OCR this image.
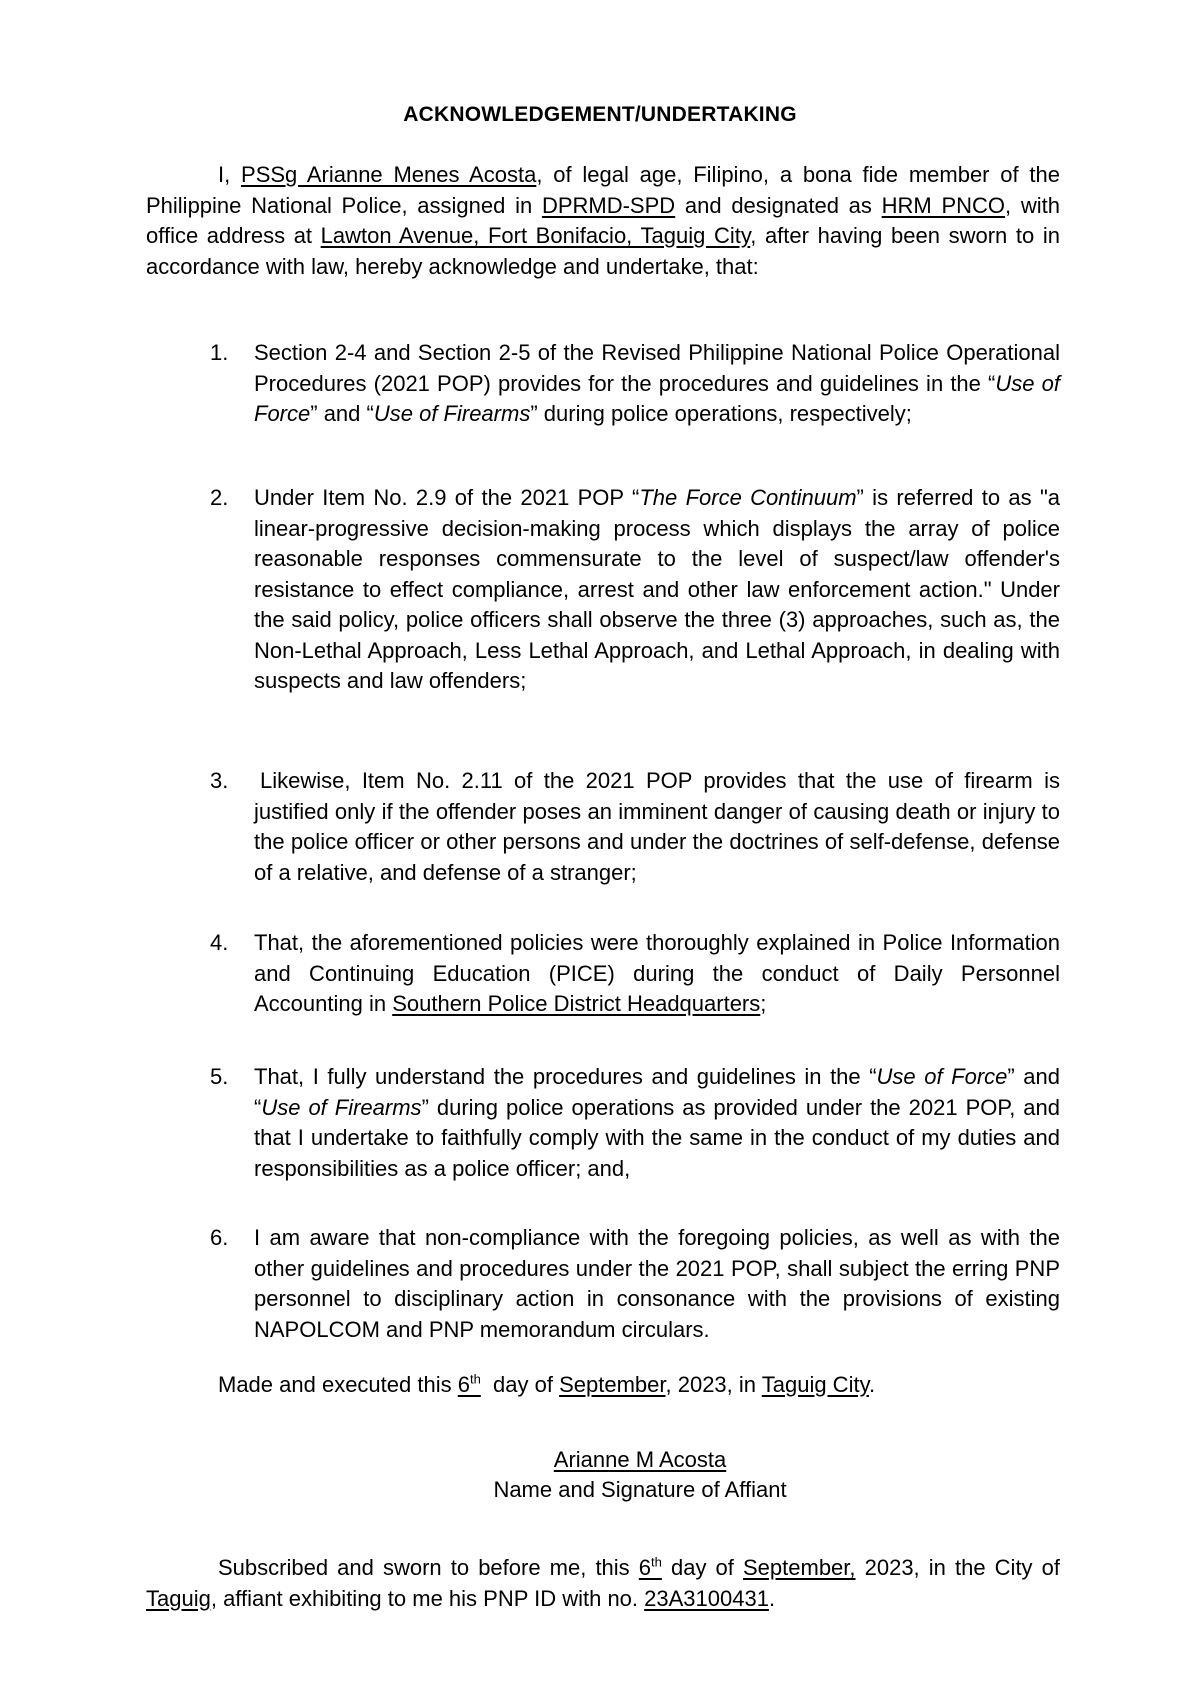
ACKNOWLEDGEMENT/UNDERTAKING
I, PSSg Arianne Menes Acosta, of legal age, Filipino, a bona fide member of the Philippine National Police, assigned in DPRMD-SPD and designated as HRM PNCO, with office address at Lawton Avenue, Fort Bonifacio, Taguig City, after having been sworn to in accordance with law, hereby acknowledge and undertake, that:
1.	Section 2-4 and Section 2-5 of the Revised Philippine National Police Operational Procedures (2021 POP) provides for the procedures and guidelines in the “Use of Force” and “Use of Firearms” during police operations, respectively;
2.	Under Item No. 2.9 of the 2021 POP “The Force Continuum” is referred to as "a linear-progressive decision-making process which displays the array of police reasonable responses commensurate to the level of suspect/law offender's resistance to effect compliance, arrest and other law enforcement action." Under the said policy, police officers shall observe the three (3) approaches, such as, the Non-Lethal Approach, Less Lethal Approach, and Lethal Approach, in dealing with suspects and law offenders;
3.	Likewise, Item No. 2.11 of the 2021 POP provides that the use of firearm is justified only if the offender poses an imminent danger of causing death or injury to the police officer or other persons and under the doctrines of self-defense, defense of a relative, and defense of a stranger;
4.	That, the aforementioned policies were thoroughly explained in Police Information and Continuing Education (PICE) during the conduct of Daily Personnel Accounting in Southern Police District Headquarters;
5.	That, I fully understand the procedures and guidelines in the “Use of Force” and “Use of Firearms” during police operations as provided under the 2021 POP, and that I undertake to faithfully comply with the same in the conduct of my duties and responsibilities as a police officer; and,
6.	I am aware that non-compliance with the foregoing policies, as well as with the other guidelines and procedures under the 2021 POP, shall subject the erring PNP personnel to disciplinary action in consonance with the provisions of existing NAPOLCOM and PNP memorandum circulars.
Made and executed this 6th  day of September, 2023, in Taguig City.
Arianne M Acosta
Name and Signature of Affiant
Subscribed and sworn to before me, this 6th day of September, 2023, in the City of Taguig, affiant exhibiting to me his PNP ID with no. 23A3100431.
